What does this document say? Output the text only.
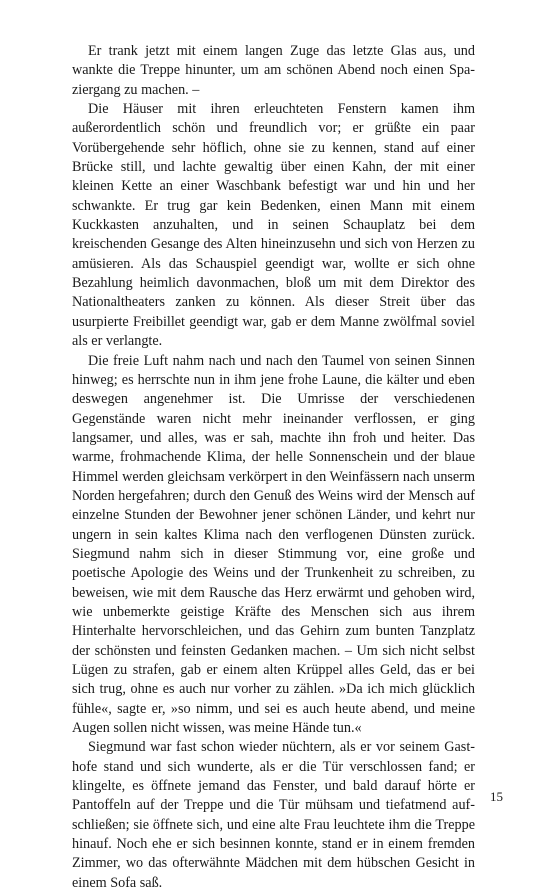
Er trank jetzt mit einem langen Zuge das letzte Glas aus, und wankte die Treppe hinunter, um am schönen Abend noch einen Spaziergang zu machen. –

Die Häuser mit ihren erleuchteten Fenstern kamen ihm außerordentlich schön und freundlich vor; er grüßte ein paar Vorübergehende sehr höflich, ohne sie zu kennen, stand auf einer Brücke still, und lachte gewaltig über einen Kahn, der mit einer kleinen Kette an einer Waschbank befestigt war und hin und her schwankte. Er trug gar kein Bedenken, einen Mann mit einem Kuckkasten anzuhalten, und in seinen Schauplatz bei dem kreischenden Gesange des Alten hineinzusehn und sich von Herzen zu amüsieren. Als das Schauspiel geendigt war, wollte er sich ohne Bezahlung heimlich davonmachen, bloß um mit dem Direktor des Nationaltheaters zanken zu können. Als dieser Streit über das usurpierte Freibillet geendigt war, gab er dem Manne zwölfmal soviel als er verlangte.

Die freie Luft nahm nach und nach den Taumel von seinen Sinnen hinweg; es herrschte nun in ihm jene frohe Laune, die kälter und eben deswegen angenehmer ist. Die Umrisse der verschiedenen Gegenstände waren nicht mehr ineinander verflossen, er ging langsamer, und alles, was er sah, machte ihn froh und heiter. Das warme, frohmachende Klima, der helle Sonnenschein und der blaue Himmel werden gleichsam verkörpert in den Weinfässern nach unserm Norden hergefahren; durch den Genuß des Weins wird der Mensch auf einzelne Stunden der Bewohner jener schönen Länder, und kehrt nur ungern in sein kaltes Klima nach den verflogenen Dünsten zurück. Siegmund nahm sich in dieser Stimmung vor, eine große und poetische Apologie des Weins und der Trunkenheit zu schreiben, zu beweisen, wie mit dem Rausche das Herz erwärmt und gehoben wird, wie unbemerkte geistige Kräfte des Menschen sich aus ihrem Hinterhalte hervorschleichen, und das Gehirn zum bunten Tanzplatz der schönsten und feinsten Gedanken machen. – Um sich nicht selbst Lügen zu strafen, gab er einem alten Krüppel alles Geld, das er bei sich trug, ohne es auch nur vorher zu zählen. »Da ich mich glücklich fühle«, sagte er, »so nimm, und sei es auch heute abend, und meine Augen sollen nicht wissen, was meine Hände tun.«

Siegmund war fast schon wieder nüchtern, als er vor seinem Gasthofe stand und sich wunderte, als er die Tür verschlossen fand; er klingelte, es öffnete jemand das Fenster, und bald darauf hörte er Pantoffeln auf der Treppe und die Tür mühsam und tiefatmend aufschließen; sie öffnete sich, und eine alte Frau leuchtete ihm die Treppe hinauf. Noch ehe er sich besinnen konnte, stand er in einem fremden Zimmer, wo das ofterwähnte Mädchen mit dem hübschen Gesicht in einem Sofa saß.

15
